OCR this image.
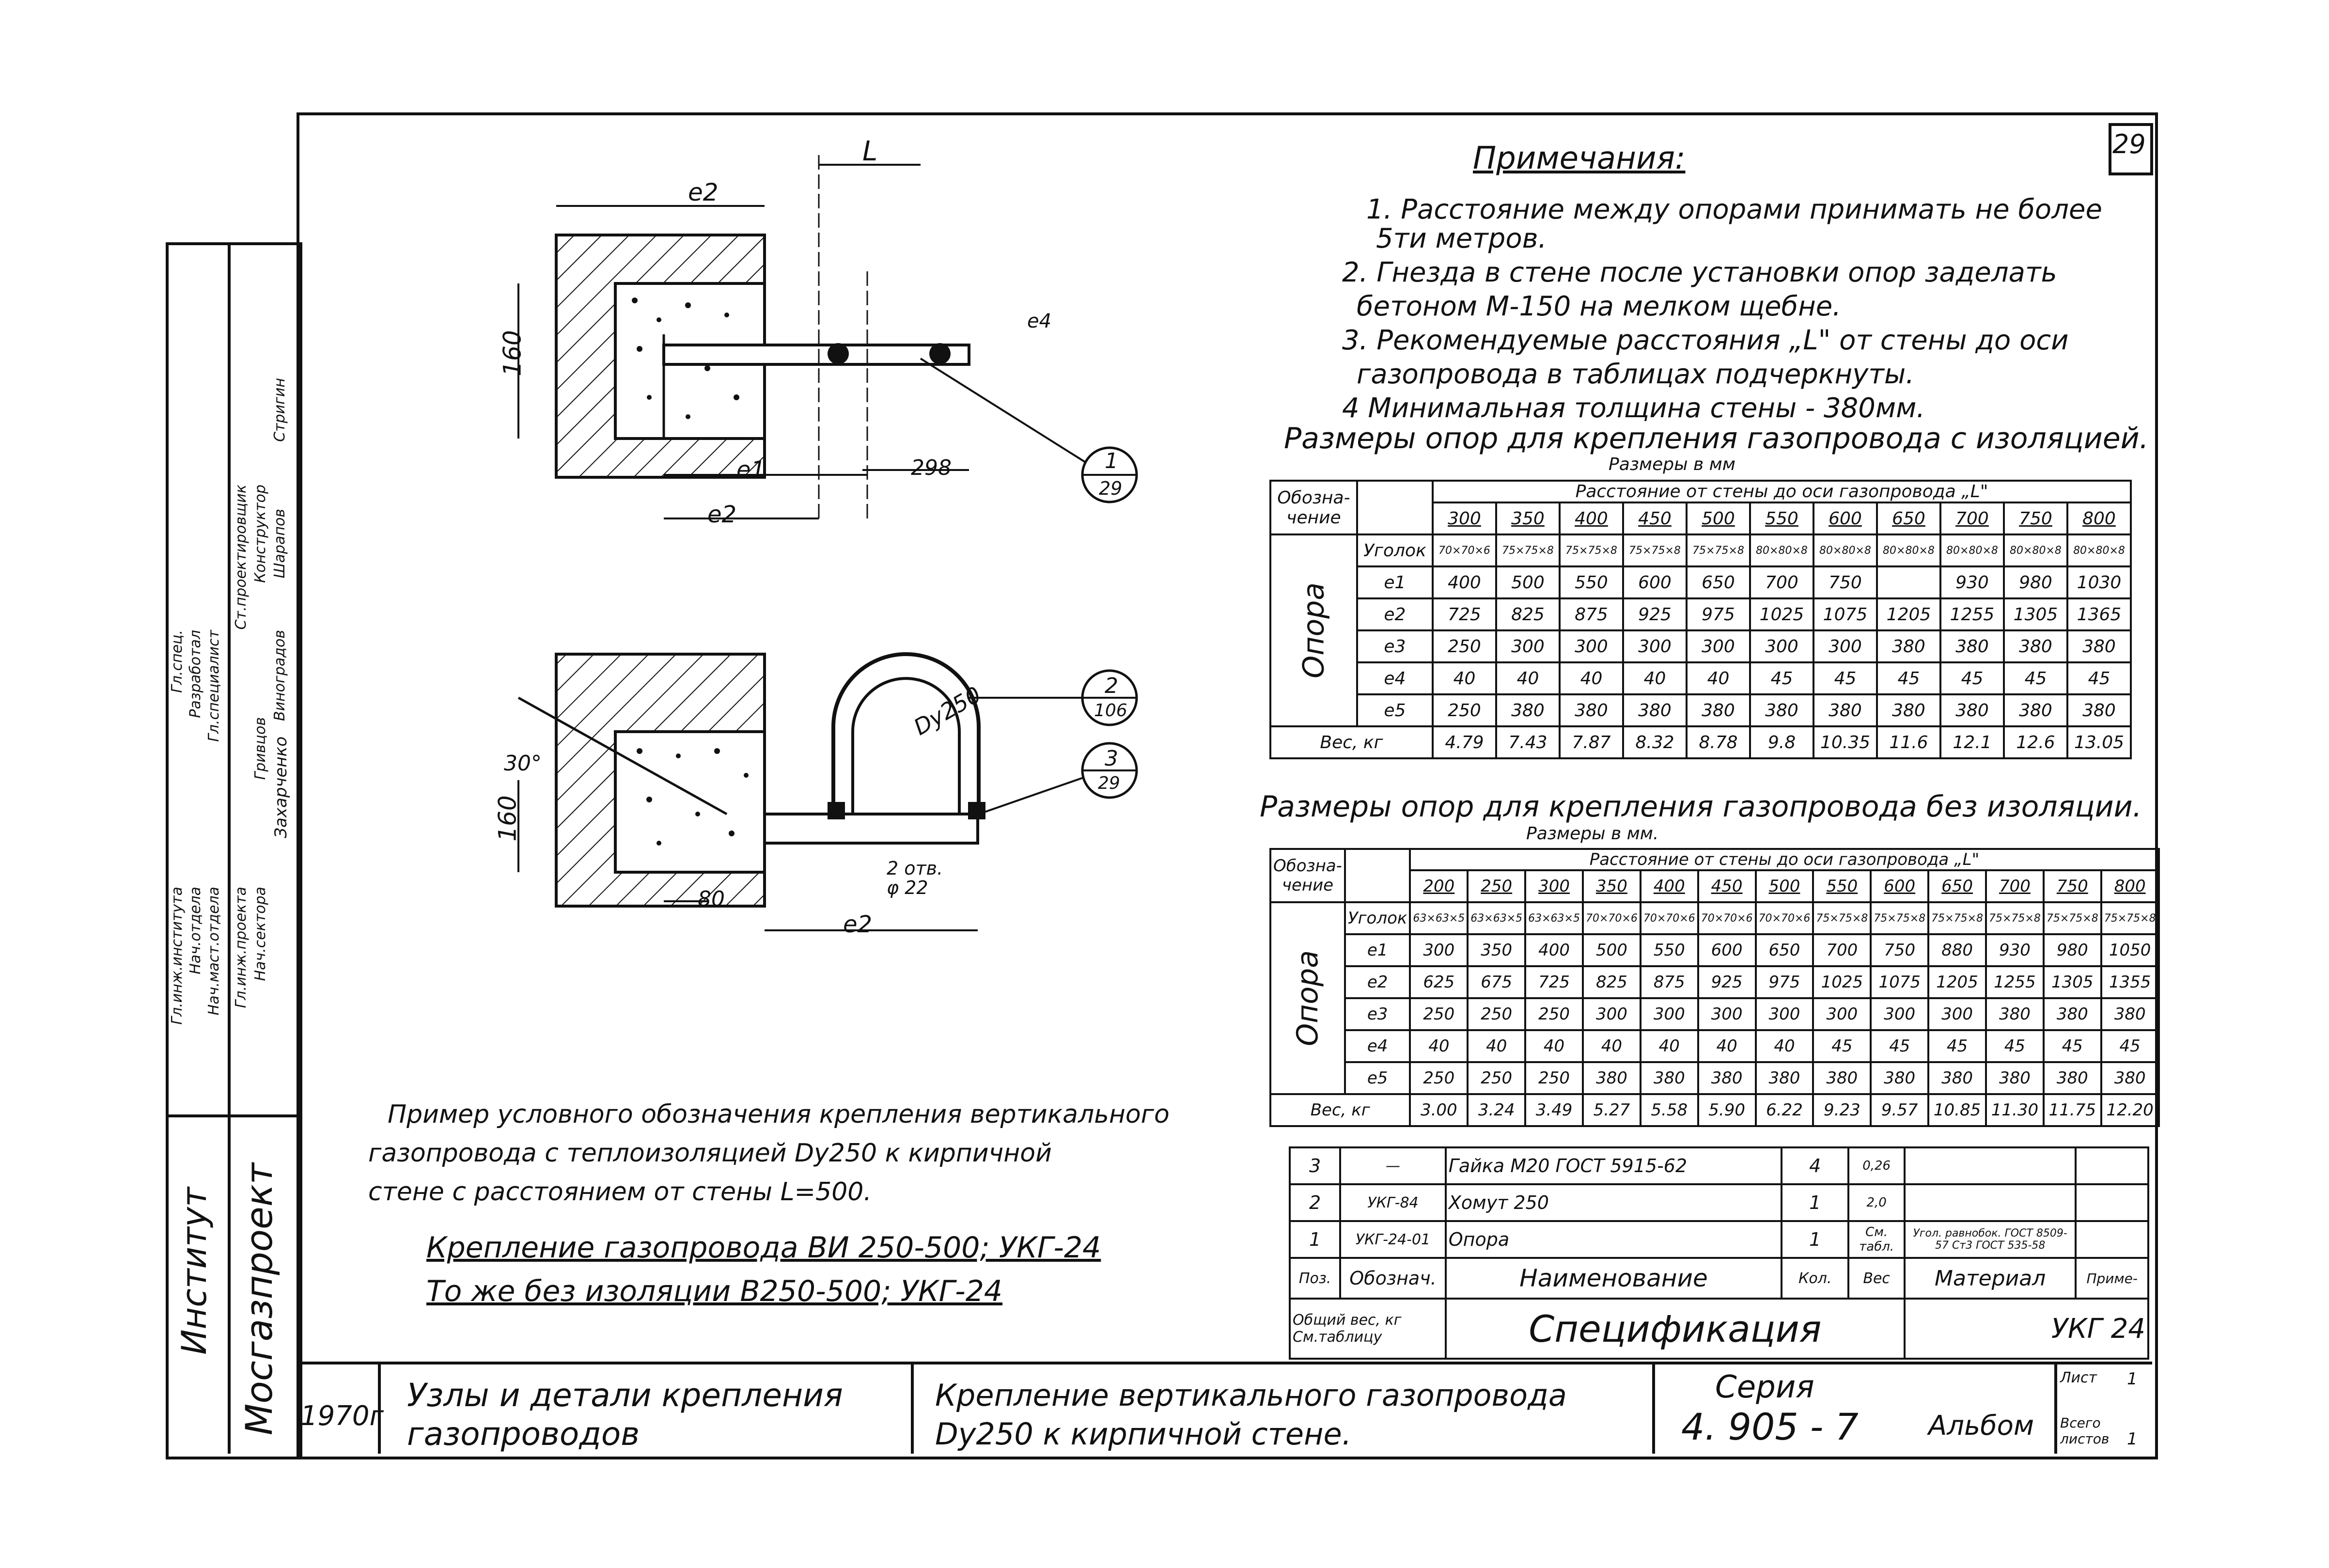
29
Институт Мосгазпроект
Гл.инж.института Нач.отдела Нач.маст.отдела Гл.инж.проекта Нач.сектора
Захарченко
Гривцов
Гл.спец. Разработал Гл.специалист
Ст.проектировщик Конструктор
Виноградов
Шарапов
Стригин
L
e2
e4
160
298
e1
e2
1
29
30°
Dy250	2
106
3
29
160
2 отв.
φ 22
80
e2
Примечания:
1. Расстояние между опорами принимать не более
5ти метров.
2. Гнезда в стене после установки опор заделать
бетоном М-150 на мелком щебне.
3. Рекомендуемые расстояния „L" от стены до оси
газопровода в таблицах подчеркнуты.
4 Минимальная толщина стены - 380мм.
Размеры опор для крепления газопровода с изоляцией.
Размеры в мм
Обозна-
чение		Расстояние от стены до оси газопровода „L"										
		300	350	400	450	500	550	600	650	700	750	800
Опора	Уголок	70×70×6	75×75×8	75×75×8	75×75×8	75×75×8	80×80×8	80×80×8	80×80×8	80×80×8	80×80×8	80×80×8
	e1	400	500	550	600	650	700	750		930	980	1030
	e2	725	825	875	925	975	1025	1075	1205	1255	1305	1365
	e3	250	300	300	300	300	300	300	380	380	380	380
	e4	40	40	40	40	40	45	45	45	45	45	45
	e5	250	380	380	380	380	380	380	380	380	380	380
Вес, кг		4.79	7.43	7.87	8.32	8.78	9.8	10.35	11.6	12.1	12.6	13.05
Размеры опор для крепления газопровода без изоляции.
Размеры в мм.
Обозна-
чение		Расстояние от стены до оси газопровода „L"												
		200	250	300	350	400	450	500	550	600	650	700	750	800
Опора	Уголок	63×63×5	63×63×5	63×63×5	70×70×6	70×70×6	70×70×6	70×70×6	75×75×8	75×75×8	75×75×8	75×75×8	75×75×8	75×75×8
	e1	300	350	400	500	550	600	650	700	750	880	930	980	1050
	e2	625	675	725	825	875	925	975	1025	1075	1205	1255	1305	1355
	e3	250	250	250	300	300	300	300	300	300	300	380	380	380
	e4	40	40	40	40	40	40	40	45	45	45	45	45	45
	e5	250	250	250	380	380	380	380	380	380	380	380	380	380
Вес, кг		3.00	3.24	3.49	5.27	5.58	5.90	6.22	9.23	9.57	10.85	11.30	11.75	12.20
Пример условного обозначения крепления вертикального
газопровода с теплоизоляцией Dy250 к кирпичной
стене с расстоянием от стены L=500.
Крепление газопровода ВИ 250-500; УКГ-24
То же без изоляции В250-500; УКГ-24
3	—	Гайка М20 ГОСТ 5915-62	4	0,26		
2	УКГ-84	Хомут 250	1	2,0		
1	УКГ-24-01	Опора	1	См. табл.	Угол. равнобок. ГОСТ 8509-57 Ст3 ГОСТ 535-58	
Поз.	Обознач.	Наименование	Кол.	Вес	Материал	Приме-
Общий вес, кг
См.таблицу		Спецификация			УКГ 24	
1970г
Узлы и детали крепления газопроводов
Крепление вертикального газопровода Dy250 к кирпичной стене.
Серия
4. 905 - 7	Альбом
Лист 1
Всего листов 1
